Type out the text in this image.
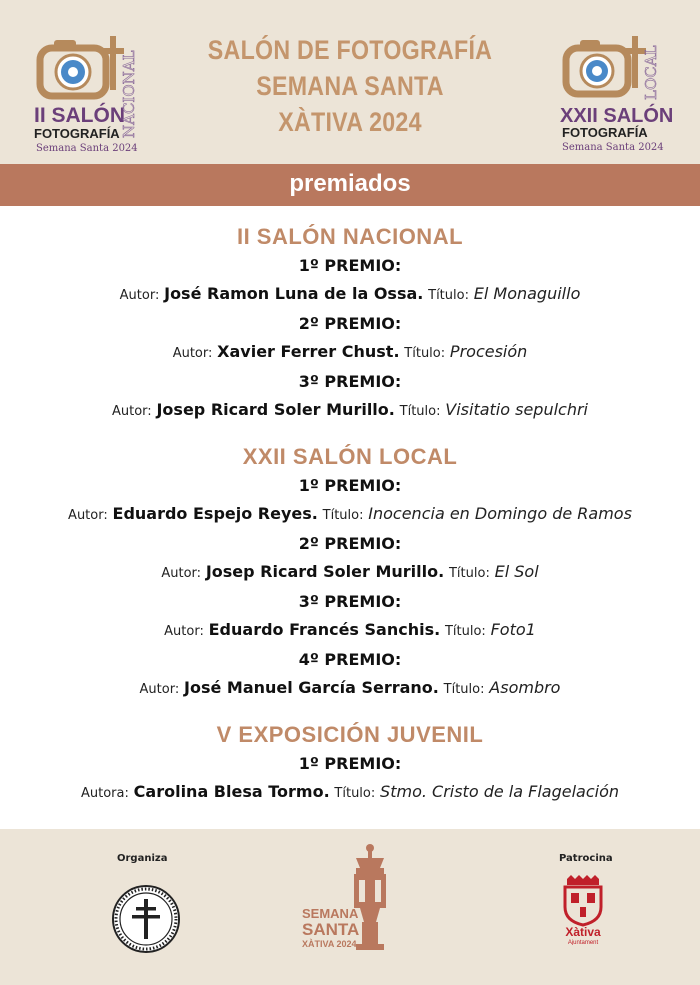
II SALÓN
FOTOGRAFÍA
Semana Santa 2024
NACIONAL
SALÓN DE FOTOGRAFÍA
SEMANA SANTA
XÀTIVA 2024	XXII SALÓN
FOTOGRAFÍA
Semana Santa 2024
LOCAL
premiados
II SALÓN NACIONAL
1º PREMIO:
Autor: José Ramon Luna de la Ossa. Título: El Monaguillo
2º PREMIO:
Autor: Xavier Ferrer Chust. Título: Procesión
3º PREMIO:
Autor: Josep Ricard Soler Murillo. Título: Visitatio sepulchri
XXII SALÓN LOCAL
1º PREMIO:
Autor: Eduardo Espejo Reyes. Título: Inocencia en Domingo de Ramos
2º PREMIO:
Autor: Josep Ricard Soler Murillo. Título: El Sol
3º PREMIO:
Autor: Eduardo Francés Sanchis. Título: Foto1
4º PREMIO:
Autor: José Manuel García Serrano. Título: Asombro
V EXPOSICIÓN JUVENIL
1º PREMIO:
Autora: Carolina Blesa Tormo. Título: Stmo. Cristo de la Flagelación
Organiza	Patrocina
SEMANA
SANTA
XÀTIVA 2024
Xàtiva
Ajuntament
